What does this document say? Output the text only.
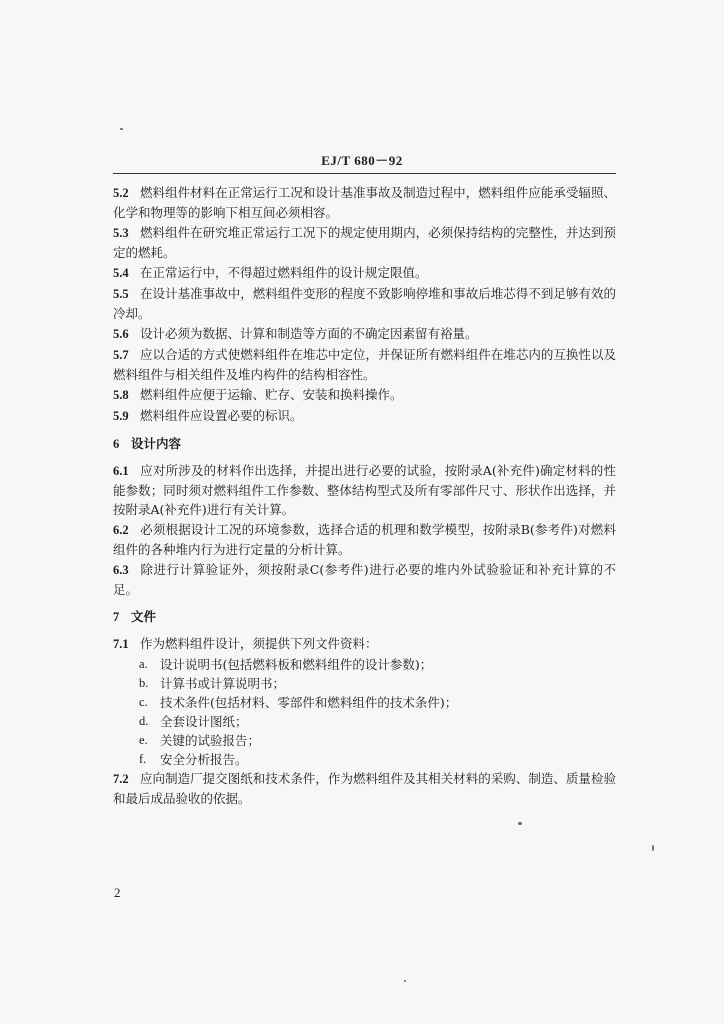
EJ/T 680－92
5.2 燃料组件材料在正常运行工况和设计基准事故及制造过程中，燃料组件应能承受辐照、化学和物理等的影响下相互间必须相容。
5.3 燃料组件在研究堆正常运行工况下的规定使用期内，必须保持结构的完整性，并达到预定的燃耗。
5.4 在正常运行中，不得超过燃料组件的设计规定限值。
5.5 在设计基准事故中，燃料组件变形的程度不致影响停堆和事故后堆芯得不到足够有效的冷却。
5.6 设计必须为数据、计算和制造等方面的不确定因素留有裕量。
5.7 应以合适的方式使燃料组件在堆芯中定位，并保证所有燃料组件在堆芯内的互换性以及燃料组件与相关组件及堆内构件的结构相容性。
5.8 燃料组件应便于运输、贮存、安装和换料操作。
5.9 燃料组件应设置必要的标识。
6 设计内容
6.1 应对所涉及的材料作出选择，并提出进行必要的试验，按附录A(补充件)确定材料的性能参数；同时须对燃料组件工作参数、整体结构型式及所有零部件尺寸、形状作出选择，并按附录A(补充件)进行有关计算。
6.2 必须根据设计工况的环境参数，选择合适的机理和数学模型，按附录B(参考件)对燃料组件的各种堆内行为进行定量的分析计算。
6.3 除进行计算验证外，须按附录C(参考件)进行必要的堆内外试验验证和补充计算的不足。
7 文件
7.1 作为燃料组件设计，须提供下列文件资料：
a. 设计说明书(包括燃料板和燃料组件的设计参数)；
b. 计算书或计算说明书；
c. 技术条件(包括材料、零部件和燃料组件的技术条件)；
d. 全套设计图纸；
e. 关键的试验报告；
f.	安全分析报告。
7.2 应向制造厂提交图纸和技术条件，作为燃料组件及其相关材料的采购、制造、质量检验和最后成品验收的依据。
2
